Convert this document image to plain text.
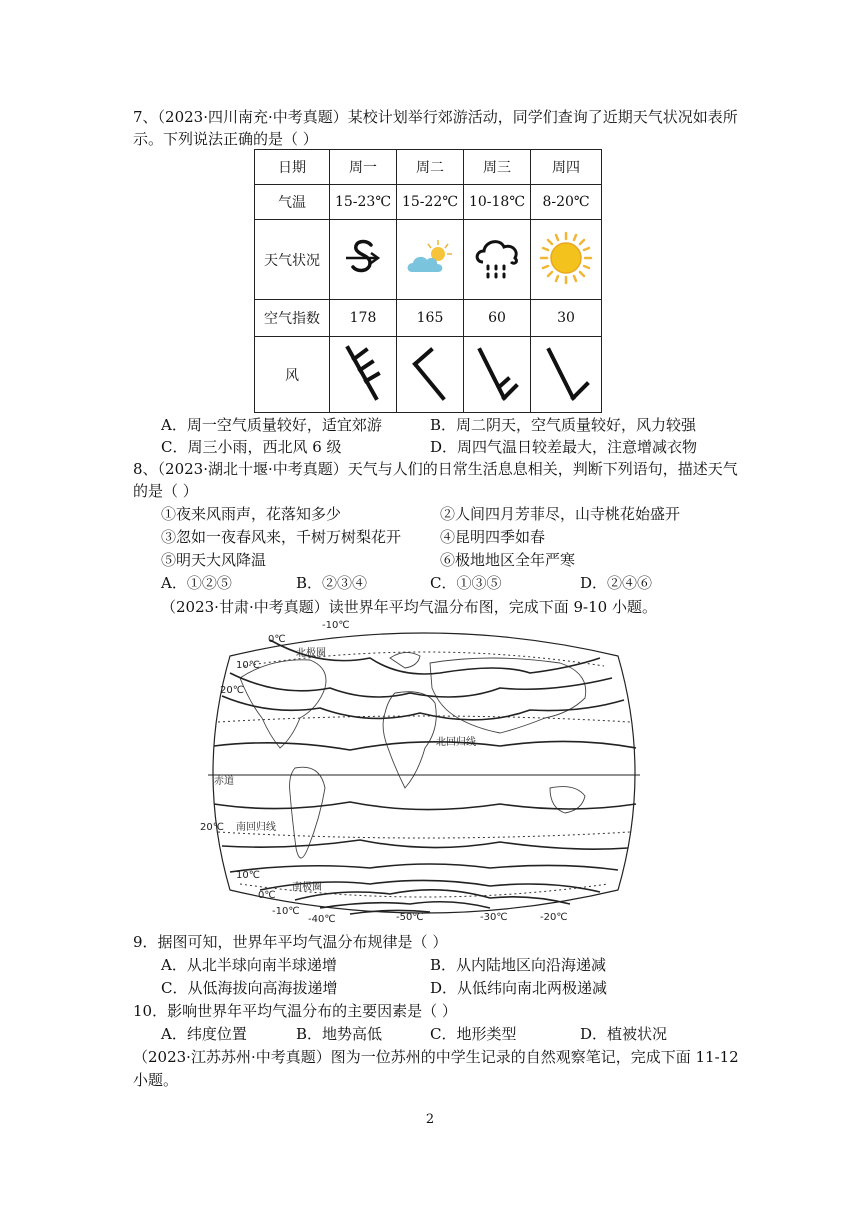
7、（2023·四川南充·中考真题）某校计划举行郊游活动，同学们查询了近期天气状况如表所
示。下列说法正确的是（ ）
日期	周一	周二	周三	周四
气温	15-23℃	15-22℃	10-18℃	8-20℃
天气状况				
空气指数	178	165	60	30
风				
A．周一空气质量较好，适宜郊游	B．周二阴天，空气质量较好，风力较强
C．周三小雨，西北风 6 级	D．周四气温日较差最大，注意增减衣物
8、（2023·湖北十堰·中考真题）天气与人们的日常生活息息相关，判断下列语句，描述天气
的是（ ）
①夜来风雨声，花落知多少	②人间四月芳菲尽，山寺桃花始盛开
③忽如一夜春风来，千树万树梨花开	④昆明四季如春
⑤明天大风降温	⑥极地地区全年严寒
A．①②⑤	B．②③④	C．①③⑤	D．②④⑥
（2023·甘肃·中考真题）读世界年平均气温分布图，完成下面 9-10 小题。
北极圈
北回归线
赤道
南回归线
南极圈
-10℃
0℃
10℃
20℃
20℃
10℃
0℃
-10℃
-40℃	-50℃	-30℃	-20℃
9．据图可知，世界年平均气温分布规律是（ ）
A．从北半球向南半球递增	B．从内陆地区向沿海递减
C．从低海拔向高海拔递增	D．从低纬向南北两极递减
10．影响世界年平均气温分布的主要因素是（ ）
A．纬度位置	B．地势高低	C．地形类型	D．植被状况
（2023·江苏苏州·中考真题）图为一位苏州的中学生记录的自然观察笔记，完成下面 11-12
小题。
2
